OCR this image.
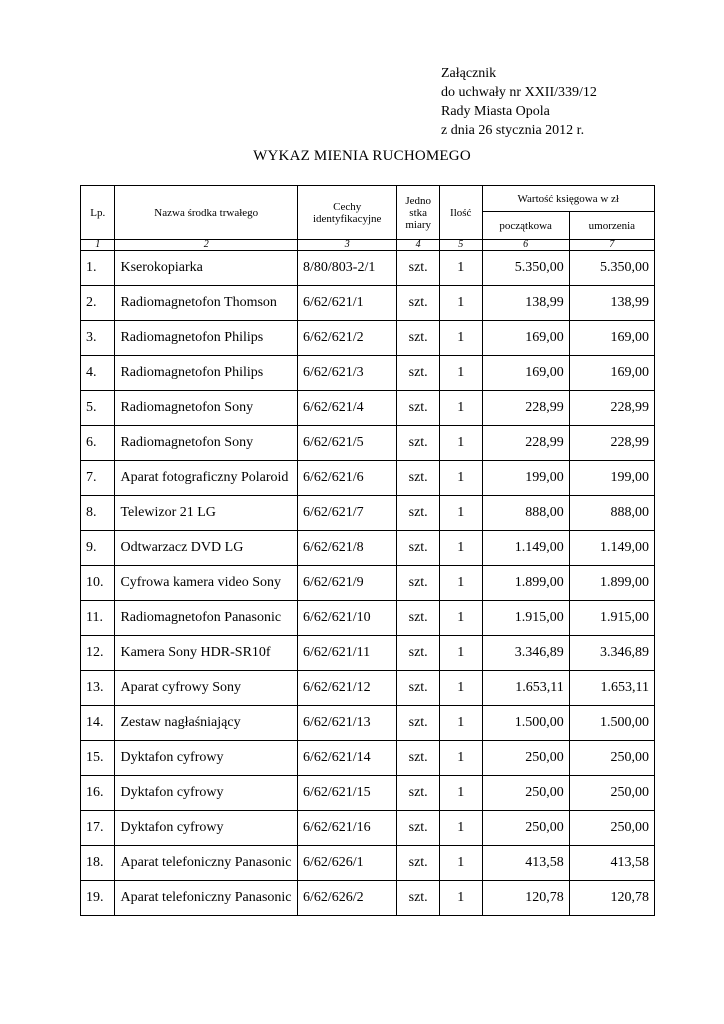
Załącznik
do uchwały nr XXII/339/12
Rady Miasta Opola
z dnia 26 stycznia 2012 r.
WYKAZ MIENIA RUCHOMEGO
Lp.	Nazwa środka trwałego	Cechy identyfikacyjne	Jedno stka miary	Ilość	Wartość księgowa w zł	
					początkowa	umorzenia
1	2	3	4	5	6	7
1.	Kserokopiarka	8/80/803-2/1	szt.	1	5.350,00	5.350,00
2.	Radiomagnetofon Thomson	6/62/621/1	szt.	1	138,99	138,99
3.	Radiomagnetofon Philips	6/62/621/2	szt.	1	169,00	169,00
4.	Radiomagnetofon Philips	6/62/621/3	szt.	1	169,00	169,00
5.	Radiomagnetofon Sony	6/62/621/4	szt.	1	228,99	228,99
6.	Radiomagnetofon Sony	6/62/621/5	szt.	1	228,99	228,99
7.	Aparat fotograficzny Polaroid	6/62/621/6	szt.	1	199,00	199,00
8.	Telewizor 21 LG	6/62/621/7	szt.	1	888,00	888,00
9.	Odtwarzacz DVD LG	6/62/621/8	szt.	1	1.149,00	1.149,00
10.	Cyfrowa kamera video Sony	6/62/621/9	szt.	1	1.899,00	1.899,00
11.	Radiomagnetofon Panasonic	6/62/621/10	szt.	1	1.915,00	1.915,00
12.	Kamera Sony HDR-SR10f	6/62/621/11	szt.	1	3.346,89	3.346,89
13.	Aparat cyfrowy Sony	6/62/621/12	szt.	1	1.653,11	1.653,11
14.	Zestaw nagłaśniający	6/62/621/13	szt.	1	1.500,00	1.500,00
15.	Dyktafon cyfrowy	6/62/621/14	szt.	1	250,00	250,00
16.	Dyktafon cyfrowy	6/62/621/15	szt.	1	250,00	250,00
17.	Dyktafon cyfrowy	6/62/621/16	szt.	1	250,00	250,00
18.	Aparat telefoniczny Panasonic	6/62/626/1	szt.	1	413,58	413,58
19.	Aparat telefoniczny Panasonic	6/62/626/2	szt.	1	120,78	120,78
